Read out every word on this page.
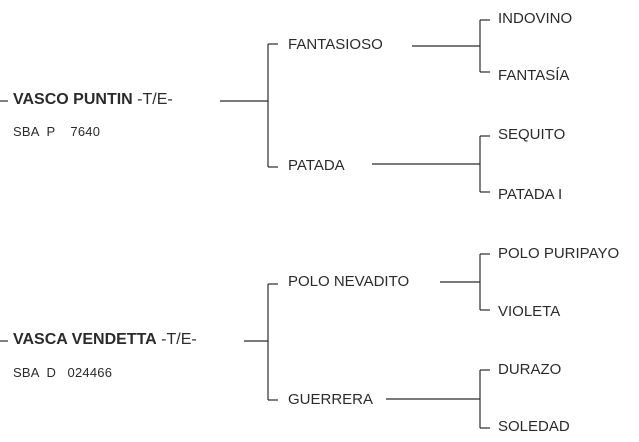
VASCO PUNTIN -T/E-
SBA  P    7640
FANTASIOSO
PATADA
INDOVINO
FANTASÍA
SEQUITO
PATADA I
VASCA VENDETTA -T/E-
SBA  D   024466
POLO NEVADITO
GUERRERA
POLO PURIPAYO
VIOLETA
DURAZO
SOLEDAD
